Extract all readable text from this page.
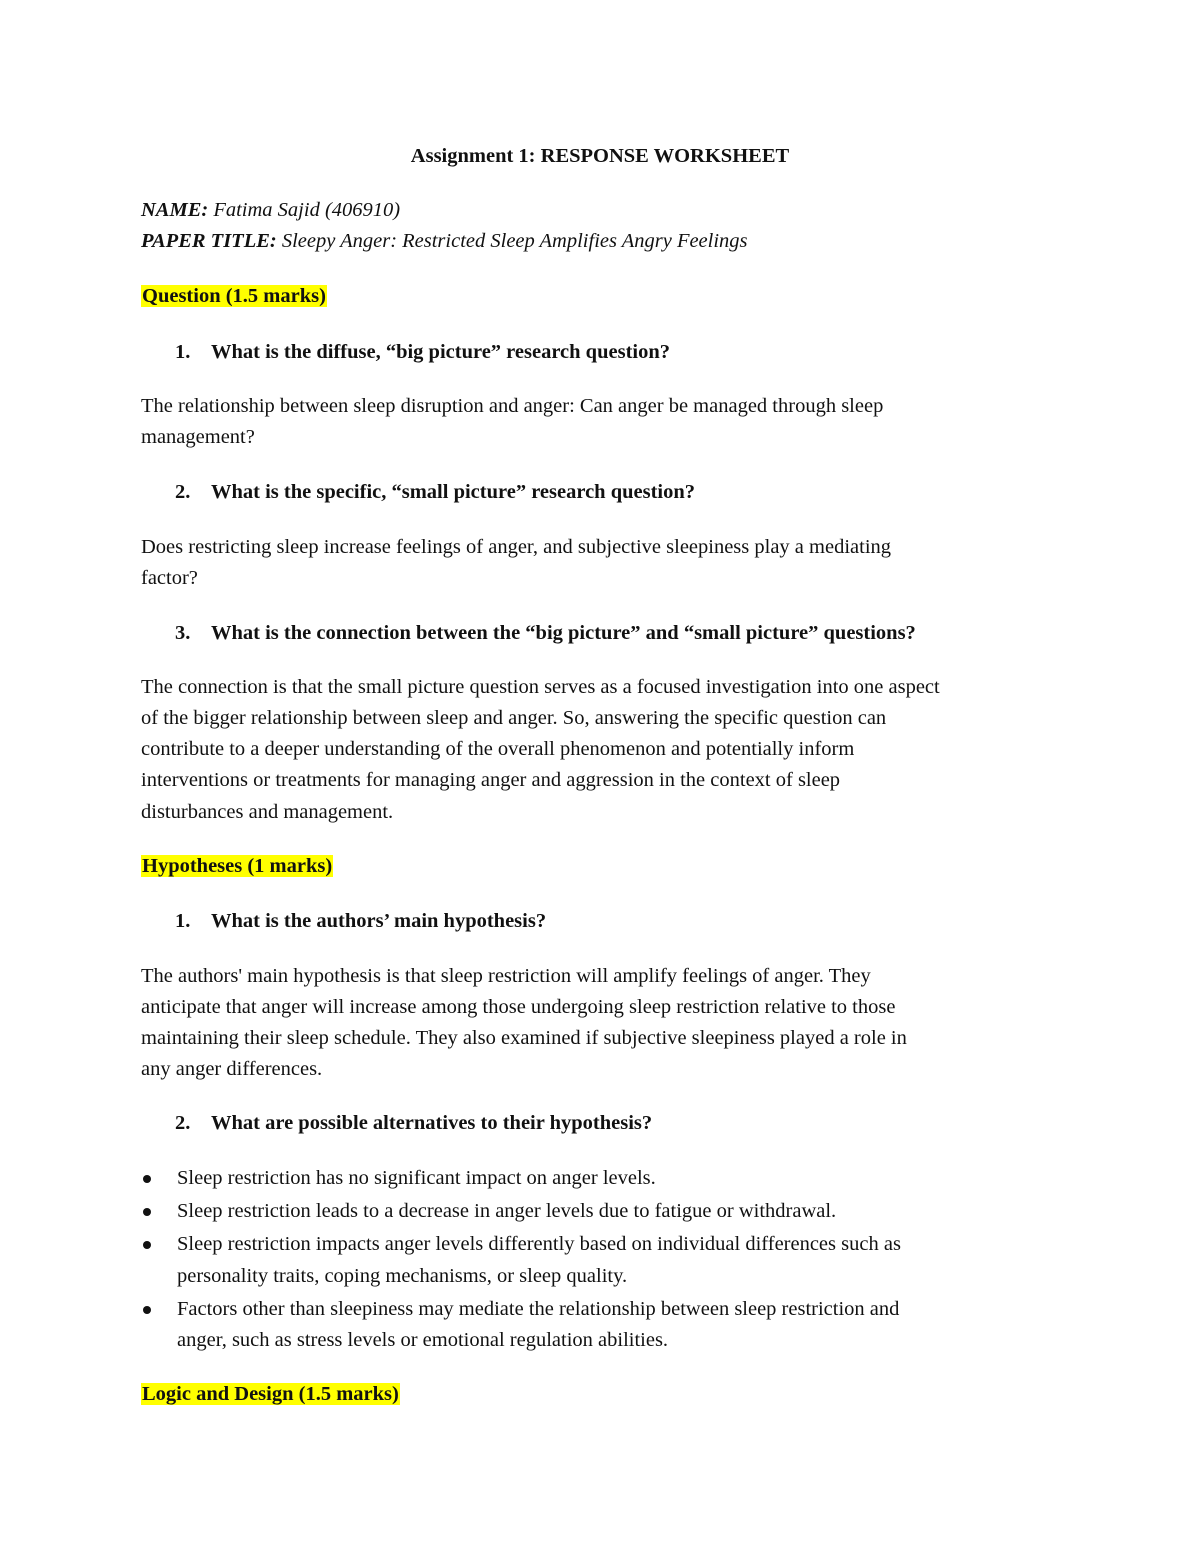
Assignment 1: RESPONSE WORKSHEET

NAME: Fatima Sajid (406910)

PAPER TITLE: Sleepy Anger: Restricted Sleep Amplifies Angry Feelings

Question (1.5 marks)

1. What is the diffuse, “big picture” research question?

The relationship between sleep disruption and anger: Can anger be managed through sleep

management?

2. What is the specific, “small picture” research question?

Does restricting sleep increase feelings of anger, and subjective sleepiness play a mediating

factor?

3. What is the connection between the “big picture” and “small picture” questions?

The connection is that the small picture question serves as a focused investigation into one aspect

of the bigger relationship between sleep and anger. So, answering the specific question can

contribute to a deeper understanding of the overall phenomenon and potentially inform

interventions or treatments for managing anger and aggression in the context of sleep

disturbances and management.

Hypotheses (1 marks)

1. What is the authors’ main hypothesis?

The authors' main hypothesis is that sleep restriction will amplify feelings of anger. They

anticipate that anger will increase among those undergoing sleep restriction relative to those

maintaining their sleep schedule. They also examined if subjective sleepiness played a role in

any anger differences.

2. What are possible alternatives to their hypothesis?

Sleep restriction has no significant impact on anger levels.

Sleep restriction leads to a decrease in anger levels due to fatigue or withdrawal.

Sleep restriction impacts anger levels differently based on individual differences such as

personality traits, coping mechanisms, or sleep quality.

Factors other than sleepiness may mediate the relationship between sleep restriction and

anger, such as stress levels or emotional regulation abilities.

Logic and Design (1.5 marks)
